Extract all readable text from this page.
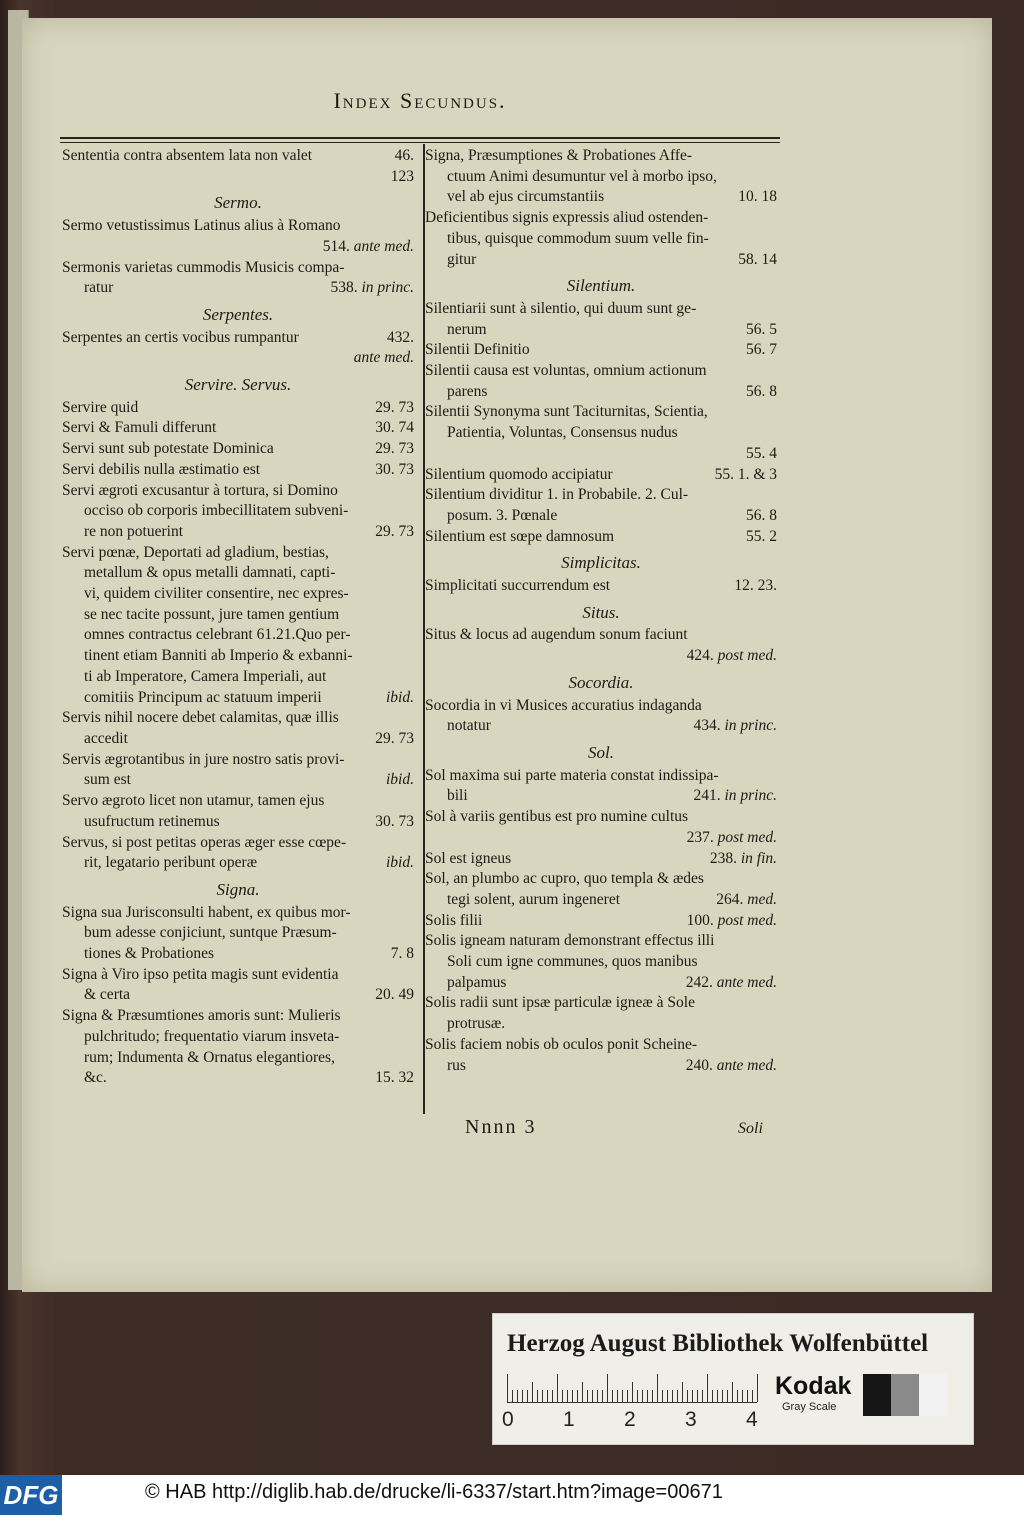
Index Secundus.
46.
Sententia contra absentem lata non valet
123

Sermo.
Sermo vetustissimus Latinus alius à Romano
514. ante med.

Sermonis varietas cummodis Musicis compa-
538. in princ.
ratur
Serpentes.
432.
Serpentes an certis vocibus rumpantur
ante med.

Servire. Servus.
29. 73
Servire quid
30. 74
Servi & Famuli differunt
29. 73
Servi sunt sub potestate Dominica
30. 73
Servi debilis nulla æstimatio est
Servi ægroti excusantur à tortura, si Domino
occiso ob corporis imbecillitatem subveni-
29. 73
re non potuerint
Servi pœnæ, Deportati ad gladium, bestias,
metallum & opus metalli damnati, capti-
vi, quidem civiliter consentire, nec expres-
se nec tacite possunt, jure tamen gentium
omnes contractus celebrant 61.21.Quo per-
tinent etiam Banniti ab Imperio & exbanni-
ti ab Imperatore, Camera Imperiali, aut
ibid.
comitiis Principum ac statuum imperii
Servis nihil nocere debet calamitas, quæ illis
29. 73
accedit
Servis ægrotantibus in jure nostro satis provi-
ibid.
sum est
Servo ægroto licet non utamur, tamen ejus
30. 73
usufructum retinemus
Servus, si post petitas operas æger esse cœpe-
ibid.
rit, legatario peribunt operæ
Signa.
Signa sua Jurisconsulti habent, ex quibus mor-
bum adesse conjiciunt, suntque Præsum-
7. 8
tiones & Probationes
Signa à Viro ipso petita magis sunt evidentia
20. 49
& certa
Signa & Præsumtiones amoris sunt: Mulieris
pulchritudo; frequentatio viarum insveta-
rum; Indumenta & Ornatus elegantiores,
15. 32
&c.
Signa, Præsumptiones & Probationes Affe-
ctuum Animi desumuntur vel à morbo ipso,
10. 18
vel ab ejus circumstantiis
Deficientibus signis expressis aliud ostenden-
tibus, quisque commodum suum velle fin-
58. 14
gitur
Silentium.
Silentiarii sunt à silentio, qui duum sunt ge-
56. 5
nerum
56. 7
Silentii Definitio
Silentii causa est voluntas, omnium actionum
56. 8
parens
Silentii Synonyma sunt Taciturnitas, Scientia,
Patientia, Voluntas, Consensus nudus
55. 4

55. 1. & 3
Silentium quomodo accipiatur
Silentium dividitur 1. in Probabile. 2. Cul-
56. 8
posum. 3. Pœnale
55. 2
Silentium est sœpe damnosum
Simplicitas.
12. 23.
Simplicitati succurrendum est
Situs.
Situs & locus ad augendum sonum faciunt
424. post med.

Socordia.
Socordia in vi Musices accuratius indaganda
434. in princ.
notatur
Sol.
Sol maxima sui parte materia constat indissipa-
241. in princ.
bili
Sol à variis gentibus est pro numine cultus
237. post med.

238. in fin.
Sol est igneus
Sol, an plumbo ac cupro, quo templa & ædes
264. med.
tegi solent, aurum ingeneret
100. post med.
Solis filii
Solis igneam naturam demonstrant effectus illi
Soli cum igne communes, quos manibus
242. ante med.
palpamus
Solis radii sunt ipsæ particulæ igneæ à Sole
protrusæ.
Solis faciem nobis ob oculos ponit Scheine-
240. ante med.
rus
Nnnn 3	Soli
Herzog August Bibliothek Wolfenbüttel
0 1 2 3 4
Kodak
Gray Scale
DFG	© HAB http://diglib.hab.de/drucke/li-6337/start.htm?image=00671
